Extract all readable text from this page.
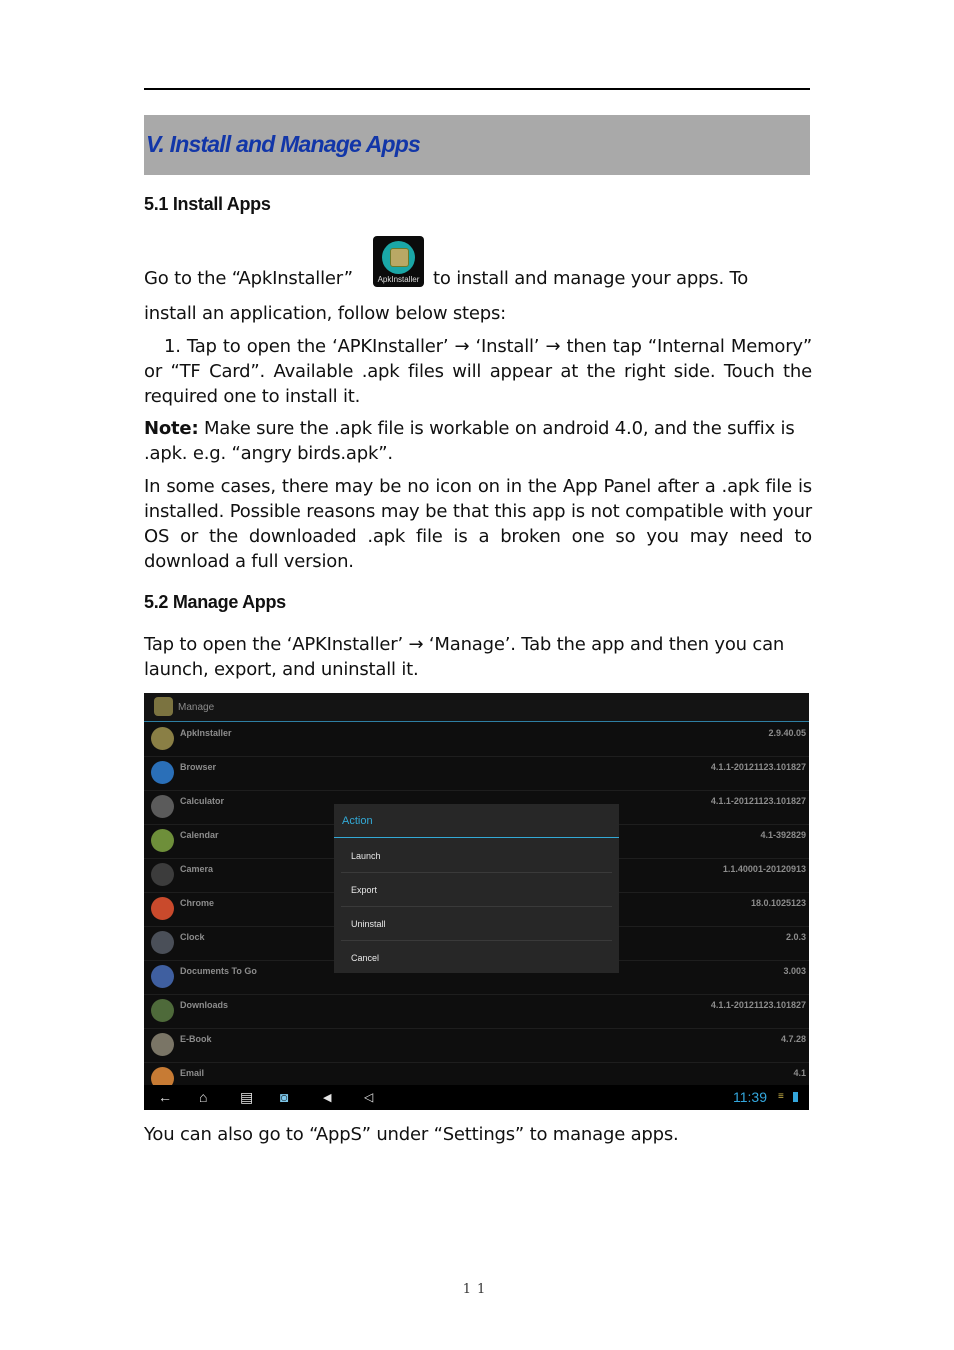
V. Install and Manage Apps
5.1 Install Apps
Go to the “ApkInstaller”	ApkInstaller to install and manage your apps. To
install an application, follow below steps:
1. Tap to open the ‘APKInstaller’ → ‘Install’ → then tap “Internal Memory” or “TF Card”. Available .apk files will appear at the right side. Touch the required one to install it.
Note: Make sure the .apk file is workable on android 4.0, and the suffix is .apk. e.g. “angry birds.apk”.
In some cases, there may be no icon on in the App Panel after a .apk file is installed. Possible reasons may be that this app is not compatible with your OS or the downloaded .apk file is a broken one so you may need to download a full version.
5.2 Manage Apps
Tap to open the ‘APKInstaller’ → ‘Manage’. Tab the app and then you can launch, export, and uninstall it.
Manage
ApkInstaller	2.9.40.05
Browser	4.1.1-20121123.101827
Calculator	4.1.1-20121123.101827
Calendar	4.1-392829
Camera	1.1.40001-20120913
Chrome	18.0.1025123
Clock	2.0.3
Documents To Go	3.003
Downloads	4.1.1-20121123.101827
E-Book	4.7.28
Email	4.1
Action
Launch
Export
Uninstall
Cancel
← ⌂ ▤ ◙	◀	◁	11:39 ≡
You can also go to “AppS” under “Settings” to manage apps.
11
